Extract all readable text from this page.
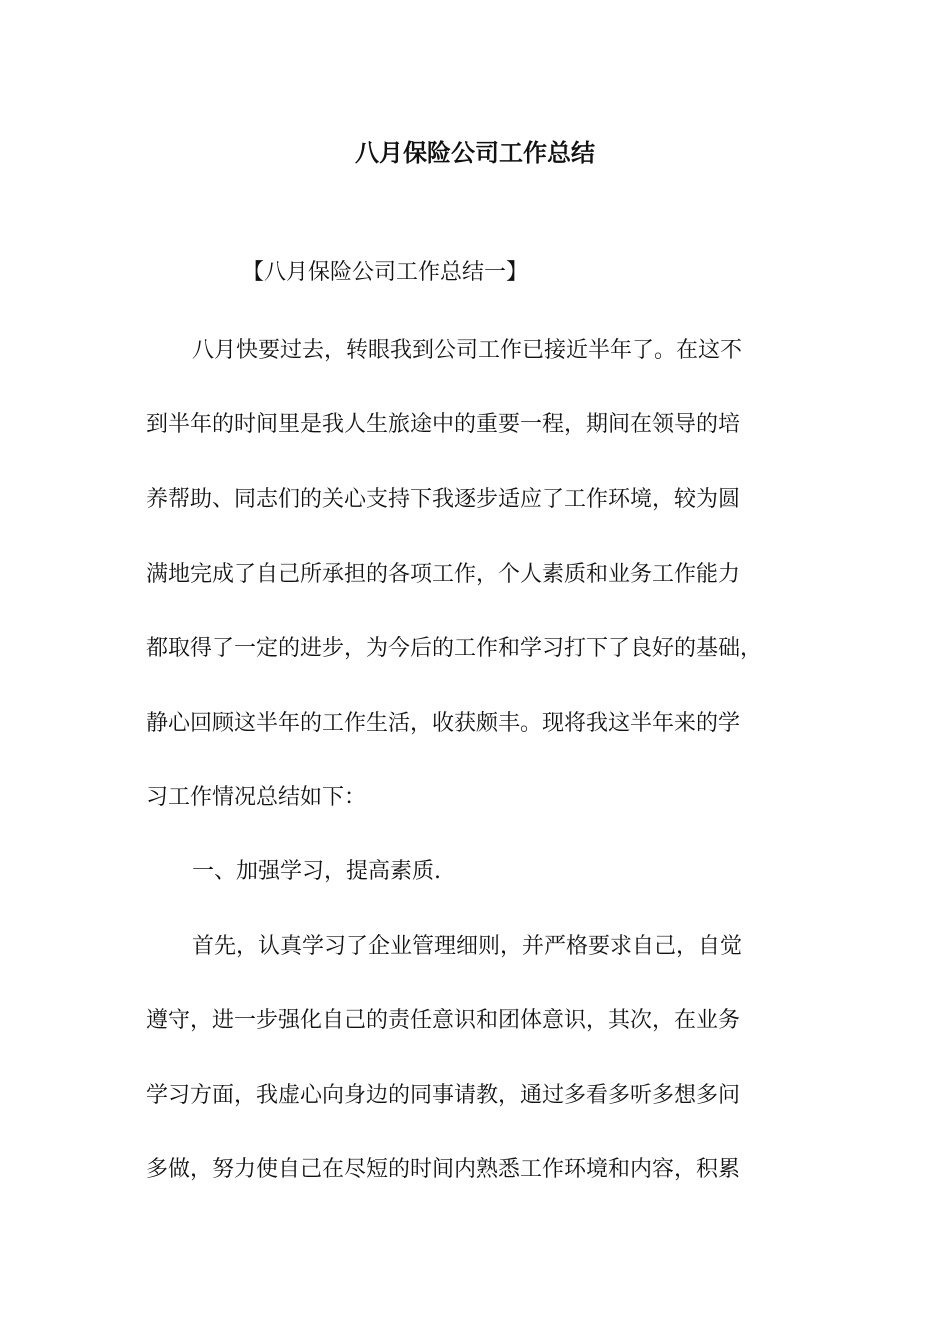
八月保险公司工作总结
【八月保险公司工作总结一】
八月快要过去，转眼我到公司工作已接近半年了。在这不
到半年的时间里是我人生旅途中的重要一程，期间在领导的培
养帮助、同志们的关心支持下我逐步适应了工作环境，较为圆
满地完成了自己所承担的各项工作，个人素质和业务工作能力
都取得了一定的进步，为今后的工作和学习打下了良好的基础，
静心回顾这半年的工作生活，收获颇丰。现将我这半年来的学
习工作情况总结如下：
一、加强学习，提高素质.
首先，认真学习了企业管理细则，并严格要求自己，自觉
遵守，进一步强化自己的责任意识和团体意识，其次，在业务
学习方面，我虚心向身边的同事请教，通过多看多听多想多问
多做，努力使自己在尽短的时间内熟悉工作环境和内容，积累
